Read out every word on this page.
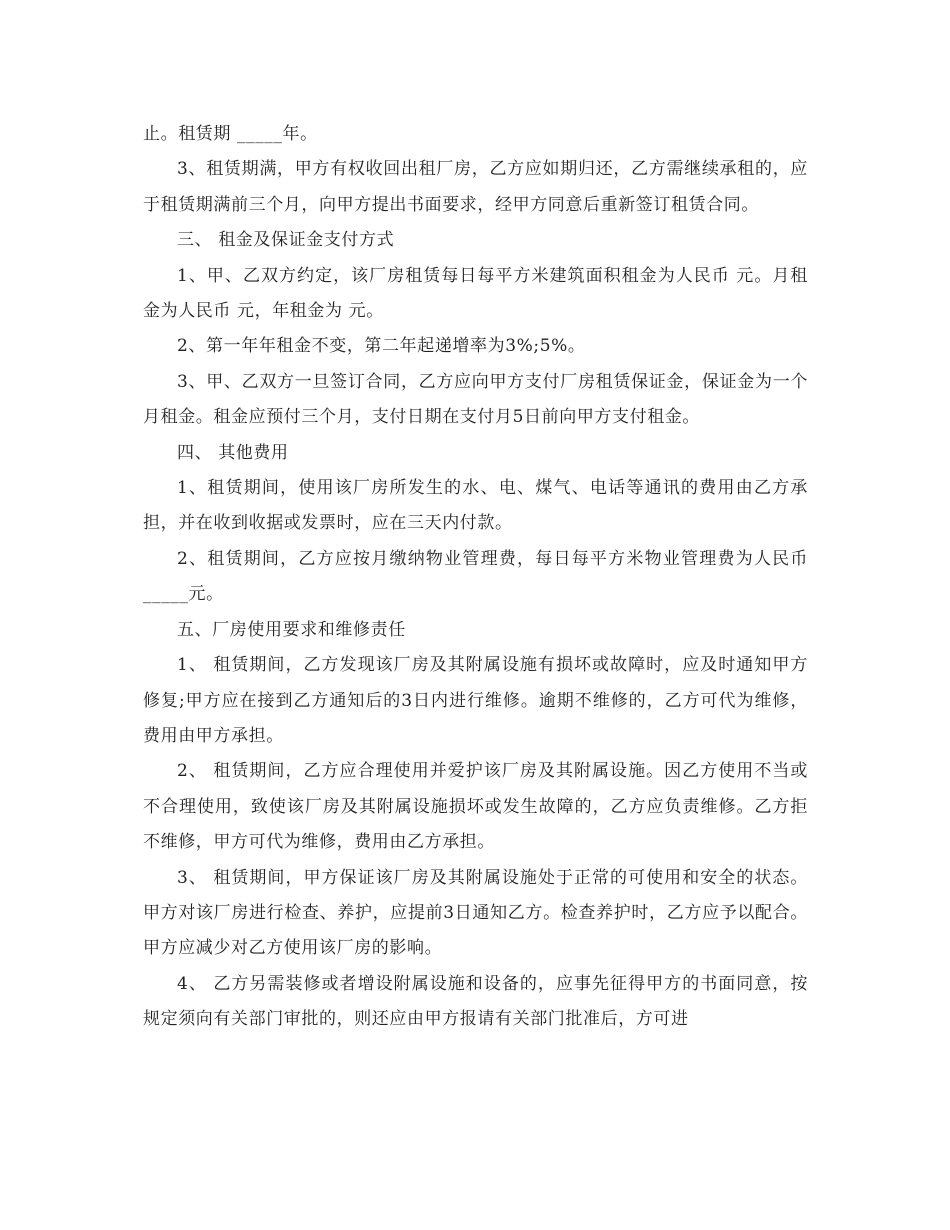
止。租赁期 _____年。

3、租赁期满，甲方有权收回出租厂房，乙方应如期归还，乙方需继续承租的，应于租赁期满前三个月，向甲方提出书面要求，经甲方同意后重新签订租赁合同。

三、 租金及保证金支付方式

1、甲、乙双方约定，该厂房租赁每日每平方米建筑面积租金为人民币 元。月租金为人民币 元，年租金为 元。

2、第一年年租金不变，第二年起递增率为3%;5%。

3、甲、乙双方一旦签订合同，乙方应向甲方支付厂房租赁保证金，保证金为一个月租金。租金应预付三个月，支付日期在支付月5日前向甲方支付租金。

四、 其他费用

1、租赁期间，使用该厂房所发生的水、电、煤气、电话等通讯的费用由乙方承担，并在收到收据或发票时，应在三天内付款。

2、租赁期间，乙方应按月缴纳物业管理费，每日每平方米物业管理费为人民币_____元。

五、厂房使用要求和维修责任

1、 租赁期间，乙方发现该厂房及其附属设施有损坏或故障时，应及时通知甲方修复;甲方应在接到乙方通知后的3日内进行维修。逾期不维修的，乙方可代为维修，费用由甲方承担。

2、 租赁期间，乙方应合理使用并爱护该厂房及其附属设施。因乙方使用不当或不合理使用，致使该厂房及其附属设施损坏或发生故障的，乙方应负责维修。乙方拒不维修，甲方可代为维修，费用由乙方承担。

3、 租赁期间，甲方保证该厂房及其附属设施处于正常的可使用和安全的状态。甲方对该厂房进行检查、养护，应提前3日通知乙方。检查养护时，乙方应予以配合。甲方应减少对乙方使用该厂房的影响。

4、 乙方另需装修或者增设附属设施和设备的，应事先征得甲方的书面同意，按规定须向有关部门审批的，则还应由甲方报请有关部门批准后，方可进
